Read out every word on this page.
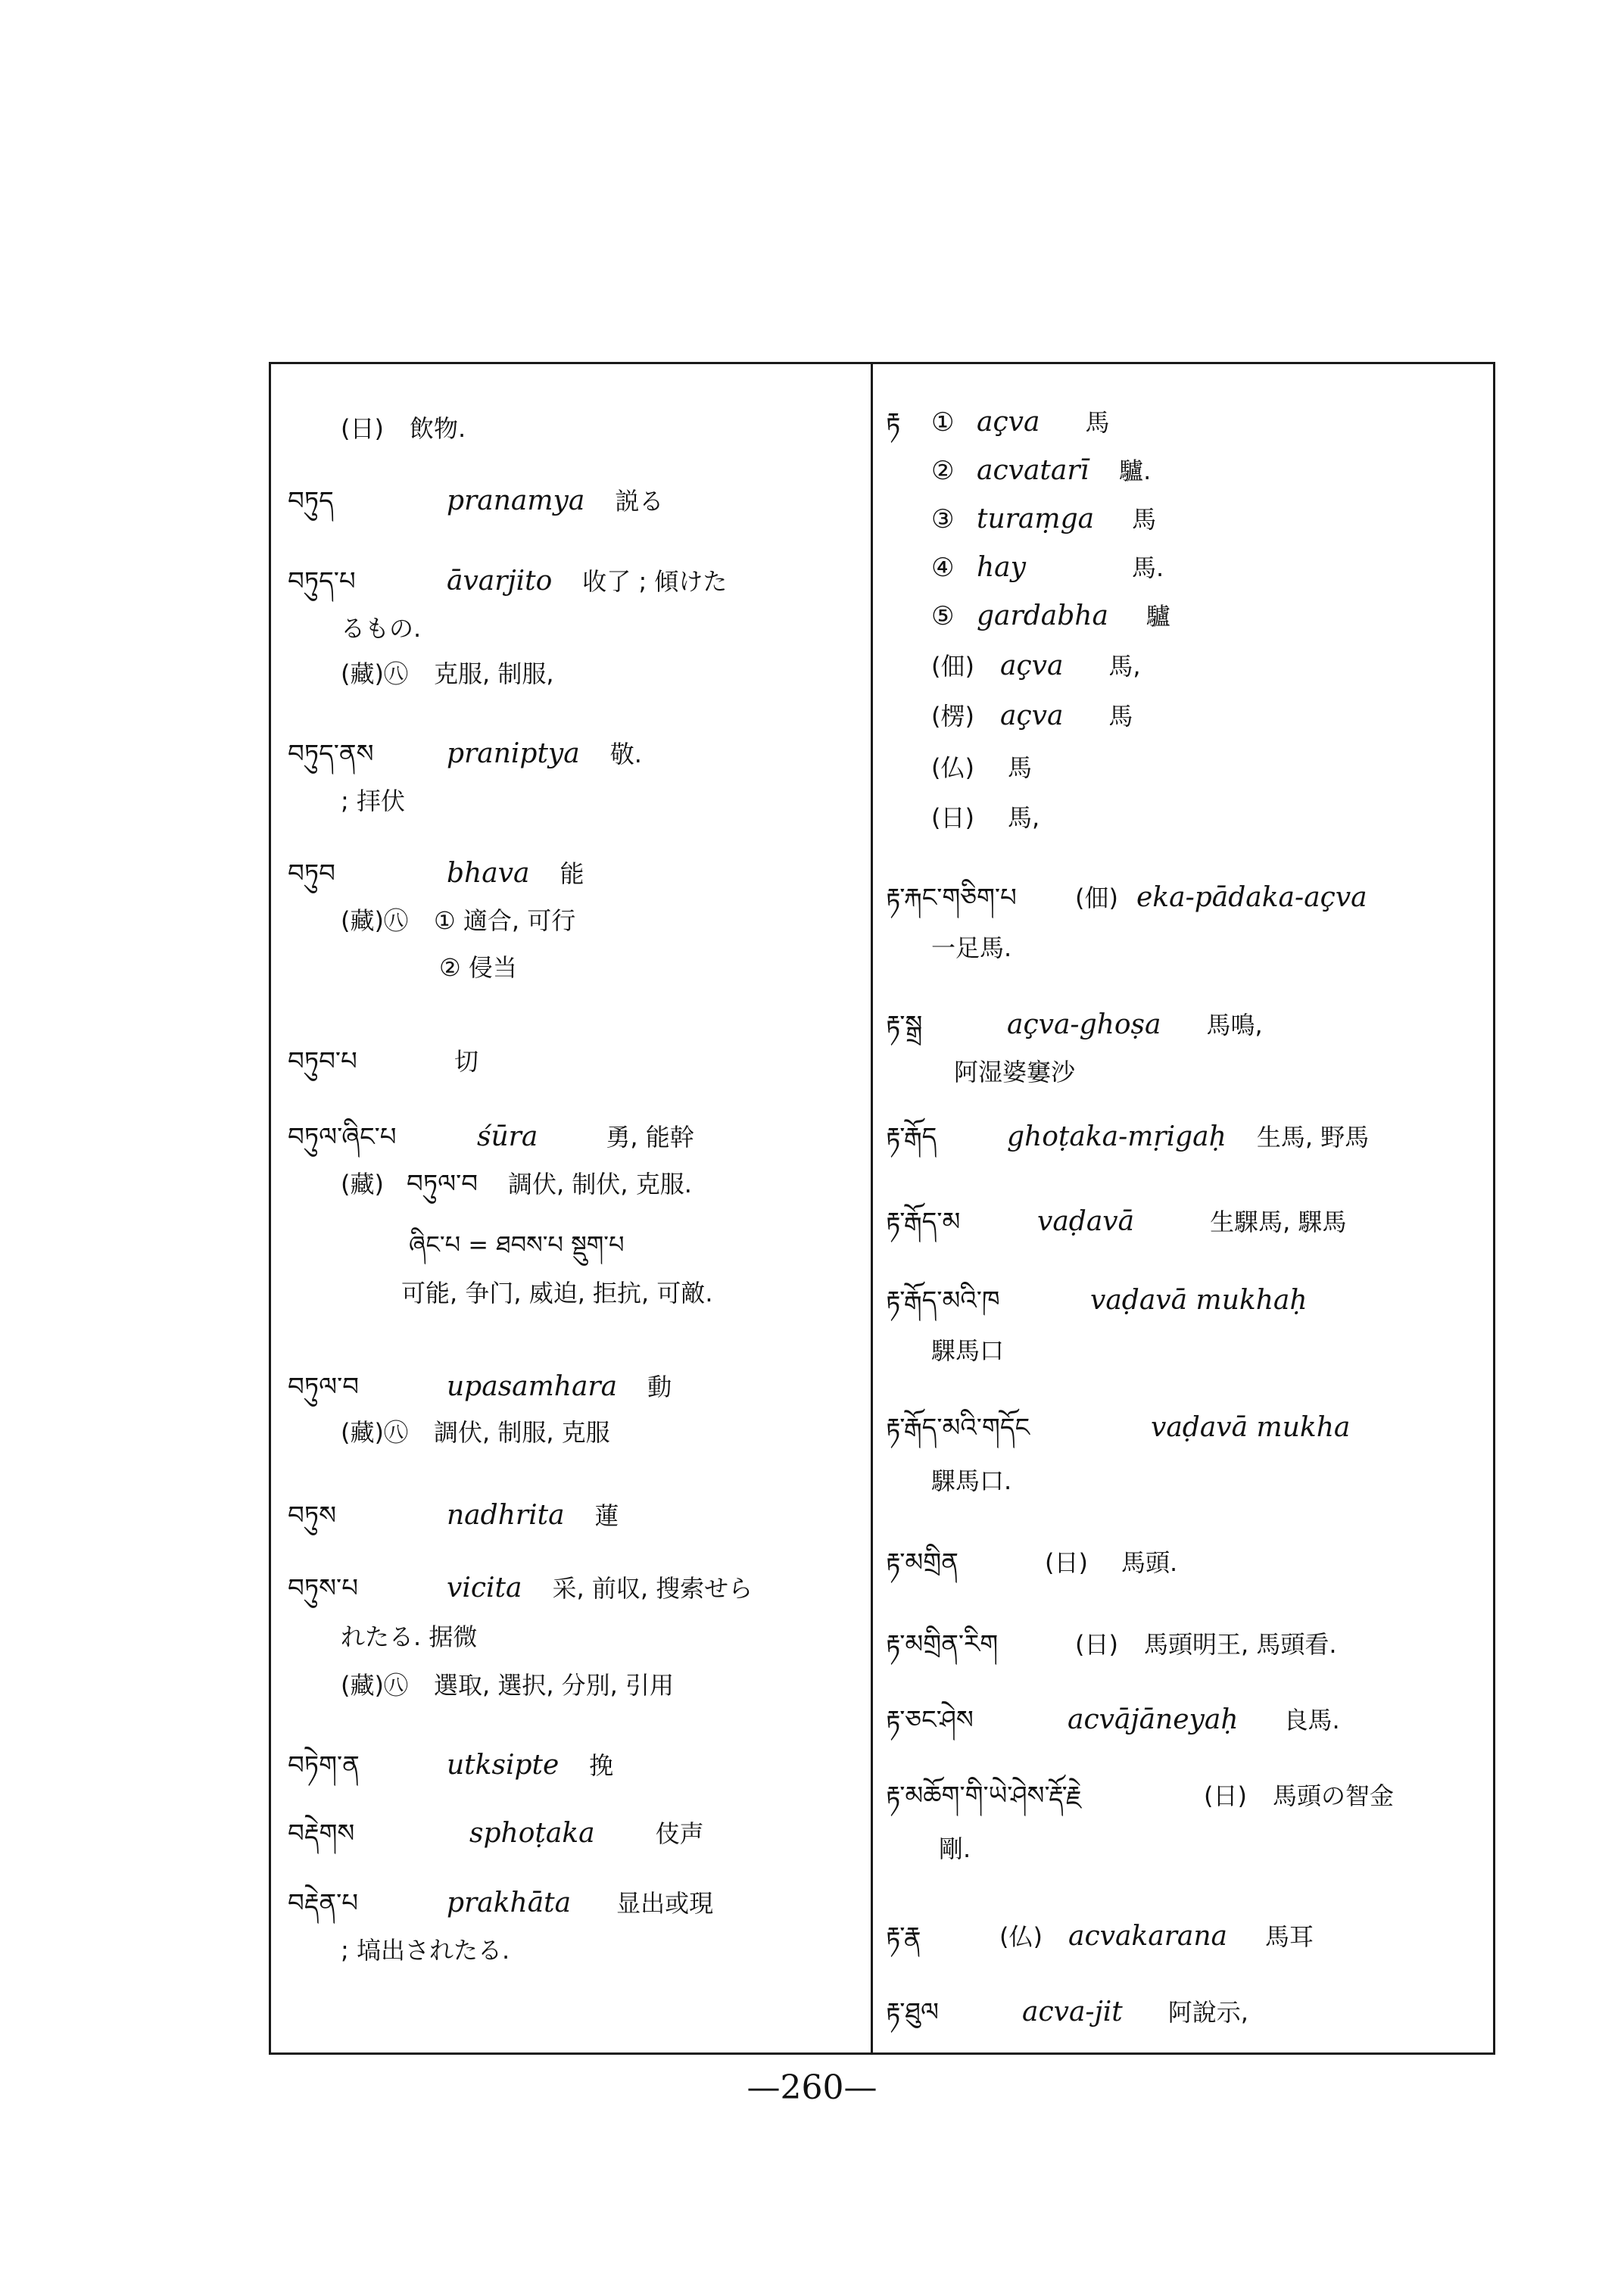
(日) 飲物.
བཏུད	pranamya 説る
བཏུད་པ	āvarjito 收了 ; 傾けた
るもの.
(藏)㊇ 克服, 制服,
བཏུད་ནས	praniptya 敬.
; 拝伏
བཏུབ	bhava 能
(藏)㊇ ① 適合, 可行
② 侵当
བཏུབ་པ	切
བཏུལ་ཞིང་པ	śūra	勇, 能幹
(藏) བཏུལ་བ 調伏, 制伏, 克服.
ཞིང་པ = ཐབས་པ སྡུག་པ
可能, 争门, 威迫, 拒抗, 可敵.
བཏུལ་བ	upasamhara 動
(藏)㊇ 調伏, 制服, 克服
བཏུས	nadhrita 蓮
བཏུས་པ	vicita 采, 前収, 搜索せら
れたる. 据微
(藏)㊇ 選取, 選択, 分別, 引用
བཏེག་ན	utksipte 挽
བརྡེགས	sphoṭaka	伎声
བརྡེན་པ	prakhāta 显出或現
; 塙出されたる.
རྟ	① açva 馬
② acvatarī 驢.
③ turaṃga 馬
④ hay	馬.
⑤ gardabha 驢
(佃) açva 馬,
(楞) açva 馬
(仏) 馬
(日) 馬,
རྟ་རྐང་གཅིག་པ	(佃) eka-pādaka-açva
一足馬.
རྟ་སྒྲ	açva-ghoṣa 馬鳴,
阿湿婆窶沙
རྟ་རྒོད	ghoṭaka-mṛigaḥ 生馬, 野馬
རྟ་རྒོད་མ	vaḍavā	生騍馬, 騍馬
རྟ་རྒོད་མའི་ཁ	vaḍavā mukhaḥ
騍馬口
རྟ་རྒོད་མའི་གདོང	vaḍavā mukha
騍馬口.
རྟ་མགྲིན	(日) 馬頭.
རྟ་མགྲིན་རིག	(日) 馬頭明王, 馬頭看.
རྟ་ཅང་ཤེས	acvājāneyaḥ 良馬.
རྟ་མཆོག་གི་ཡེ་ཤེས་རྡོ་རྗེ	(日) 馬頭の智金
剛.
རྟ་རྣ	(仏) acvakarana 馬耳
རྟ་ཐུལ	acva-jit 阿說示,
—260—
